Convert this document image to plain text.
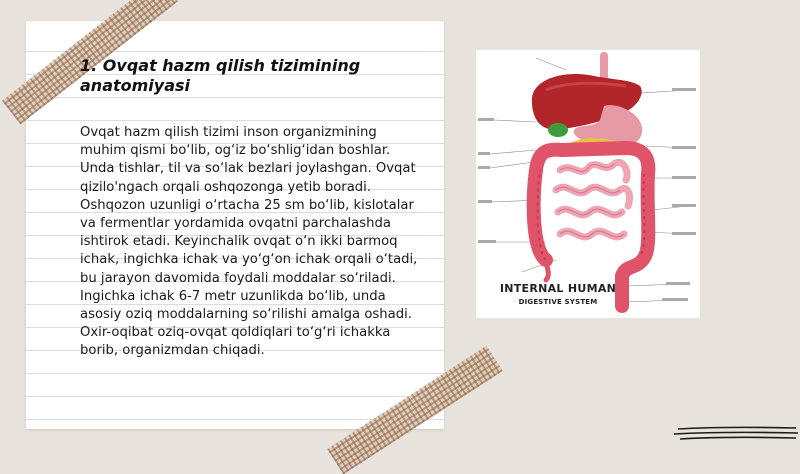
1. Ovqat hazm qilish tizimining anatomiyasi

Ovqat hazm qilish tizimi inson organizmining muhim qismi bo‘lib, og‘iz bo‘shlig‘idan boshlar. Unda tishlar, til va so‘lak bezlari joylashgan. Ovqat qizilo'ngach orqali oshqozonga yetib boradi. Oshqozon uzunligi o‘rtacha 25 sm bo‘lib, kislotalar va fermentlar yordamida ovqatni parchalashda ishtirok etadi. Keyinchalik ovqat o‘n ikki barmoq ichak, ingichka ichak va yo‘g‘on ichak orqali o‘tadi, bu jarayon davomida foydali moddalar so‘riladi. Ingichka ichak 6-7 metr uzunlikda bo‘lib, unda asosiy oziq moddalarning so‘rilishi amalga oshadi. Oxir-oqibat oziq-ovqat qoldiqlari to‘g‘ri ichakka borib, organizmdan chiqadi.

INTERNAL HUMAN
DIGESTIVE SYSTEM
